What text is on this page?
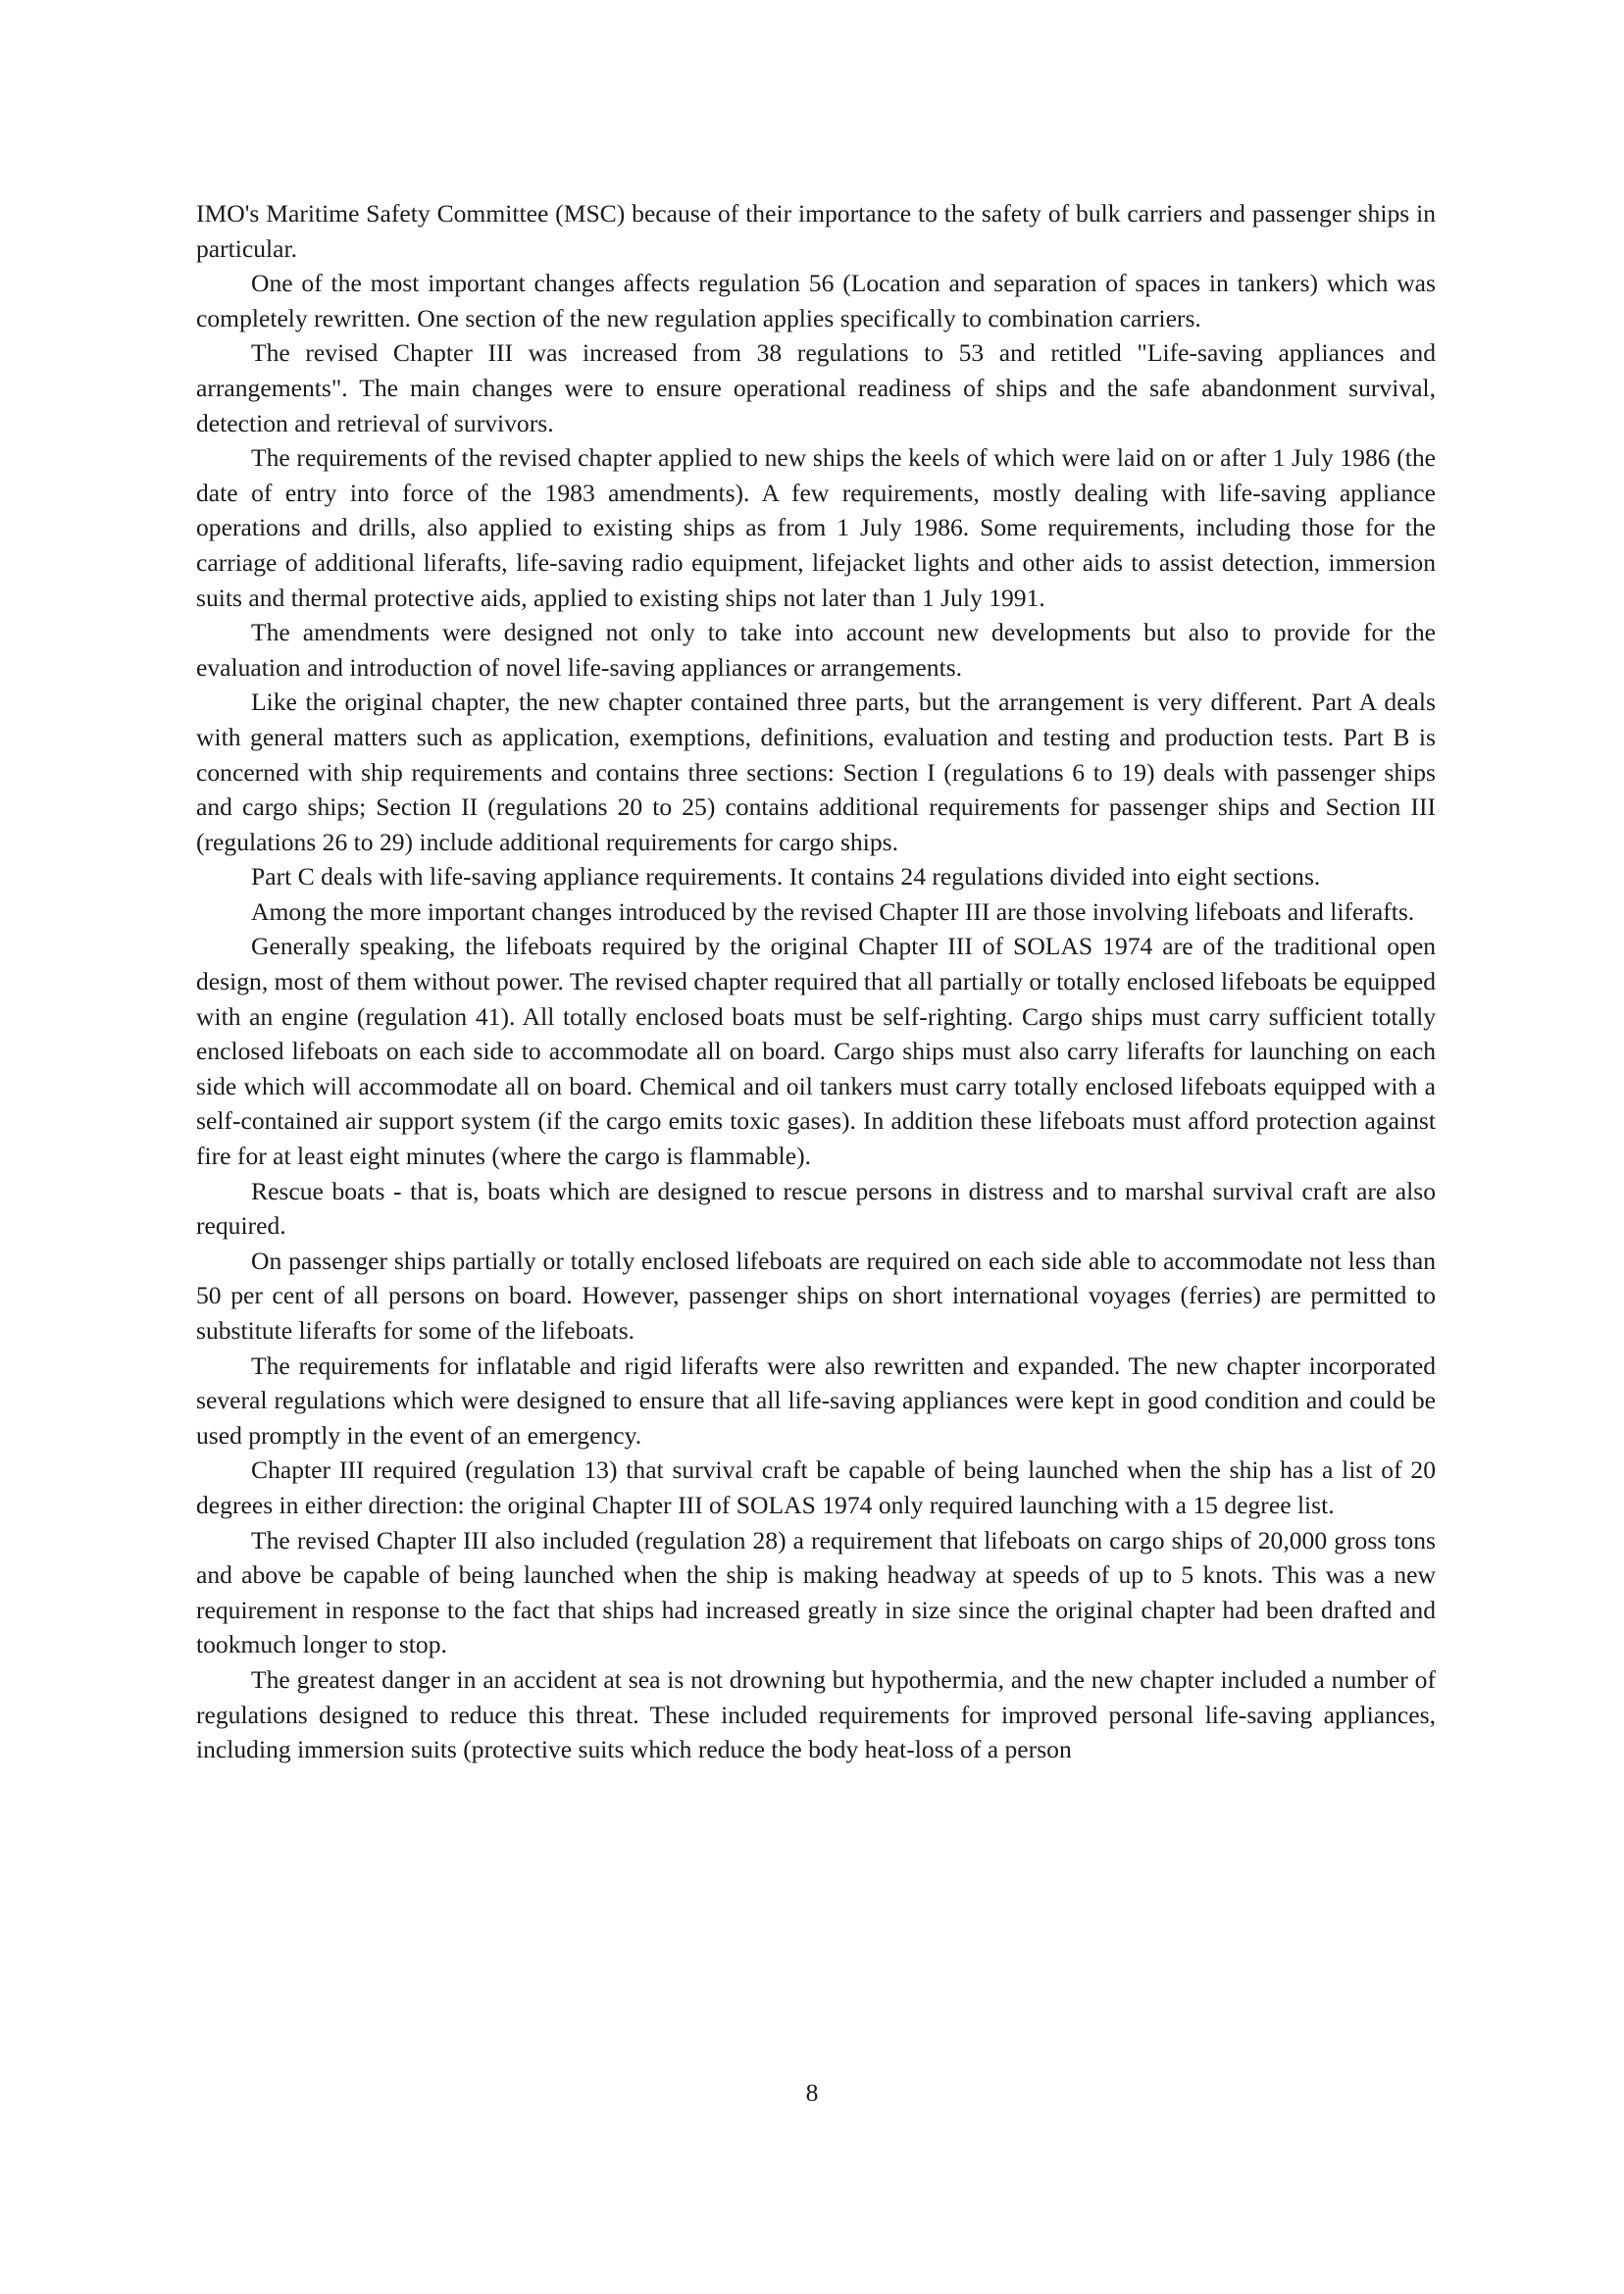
IMO's Maritime Safety Committee (MSC) because of their importance to the safety of bulk carriers and passenger ships in particular.

One of the most important changes affects regulation 56 (Location and separation of spaces in tankers) which was completely rewritten. One section of the new regulation applies specifically to combination carriers.

The revised Chapter III was increased from 38 regulations to 53 and retitled "Life-saving appliances and arrangements". The main changes were to ensure operational readiness of ships and the safe abandonment survival, detection and retrieval of survivors.

The requirements of the revised chapter applied to new ships the keels of which were laid on or after 1 July 1986 (the date of entry into force of the 1983 amendments). A few requirements, mostly dealing with life-saving appliance operations and drills, also applied to existing ships as from 1 July 1986. Some requirements, including those for the carriage of additional liferafts, life-saving radio equipment, lifejacket lights and other aids to assist detection, immersion suits and thermal protective aids, applied to existing ships not later than 1 July 1991.

The amendments were designed not only to take into account new developments but also to provide for the evaluation and introduction of novel life-saving appliances or arrangements.

Like the original chapter, the new chapter contained three parts, but the arrangement is very different. Part A deals with general matters such as application, exemptions, definitions, evaluation and testing and production tests. Part B is concerned with ship requirements and contains three sections: Section I (regulations 6 to 19) deals with passenger ships and cargo ships; Section II (regulations 20 to 25) contains additional requirements for passenger ships and Section III (regulations 26 to 29) include additional requirements for cargo ships.

Part C deals with life-saving appliance requirements. It contains 24 regulations divided into eight sections.

Among the more important changes introduced by the revised Chapter III are those involving lifeboats and liferafts.

Generally speaking, the lifeboats required by the original Chapter III of SOLAS 1974 are of the traditional open design, most of them without power. The revised chapter required that all partially or totally enclosed lifeboats be equipped with an engine (regulation 41). All totally enclosed boats must be self-righting. Cargo ships must carry sufficient totally enclosed lifeboats on each side to accommodate all on board. Cargo ships must also carry liferafts for launching on each side which will accommodate all on board. Chemical and oil tankers must carry totally enclosed lifeboats equipped with a self-contained air support system (if the cargo emits toxic gases). In addition these lifeboats must afford protection against fire for at least eight minutes (where the cargo is flammable).

Rescue boats - that is, boats which are designed to rescue persons in distress and to marshal survival craft are also required.

On passenger ships partially or totally enclosed lifeboats are required on each side able to accommodate not less than 50 per cent of all persons on board. However, passenger ships on short international voyages (ferries) are permitted to substitute liferafts for some of the lifeboats.

The requirements for inflatable and rigid liferafts were also rewritten and expanded. The new chapter incorporated several regulations which were designed to ensure that all life-saving appliances were kept in good condition and could be used promptly in the event of an emergency.

Chapter III required (regulation 13) that survival craft be capable of being launched when the ship has a list of 20 degrees in either direction: the original Chapter III of SOLAS 1974 only required launching with a 15 degree list.

The revised Chapter III also included (regulation 28) a requirement that lifeboats on cargo ships of 20,000 gross tons and above be capable of being launched when the ship is making headway at speeds of up to 5 knots. This was a new requirement in response to the fact that ships had increased greatly in size since the original chapter had been drafted and tookmuch longer to stop.

The greatest danger in an accident at sea is not drowning but hypothermia, and the new chapter included a number of regulations designed to reduce this threat. These included requirements for improved personal life-saving appliances, including immersion suits (protective suits which reduce the body heat-loss of a person

8
